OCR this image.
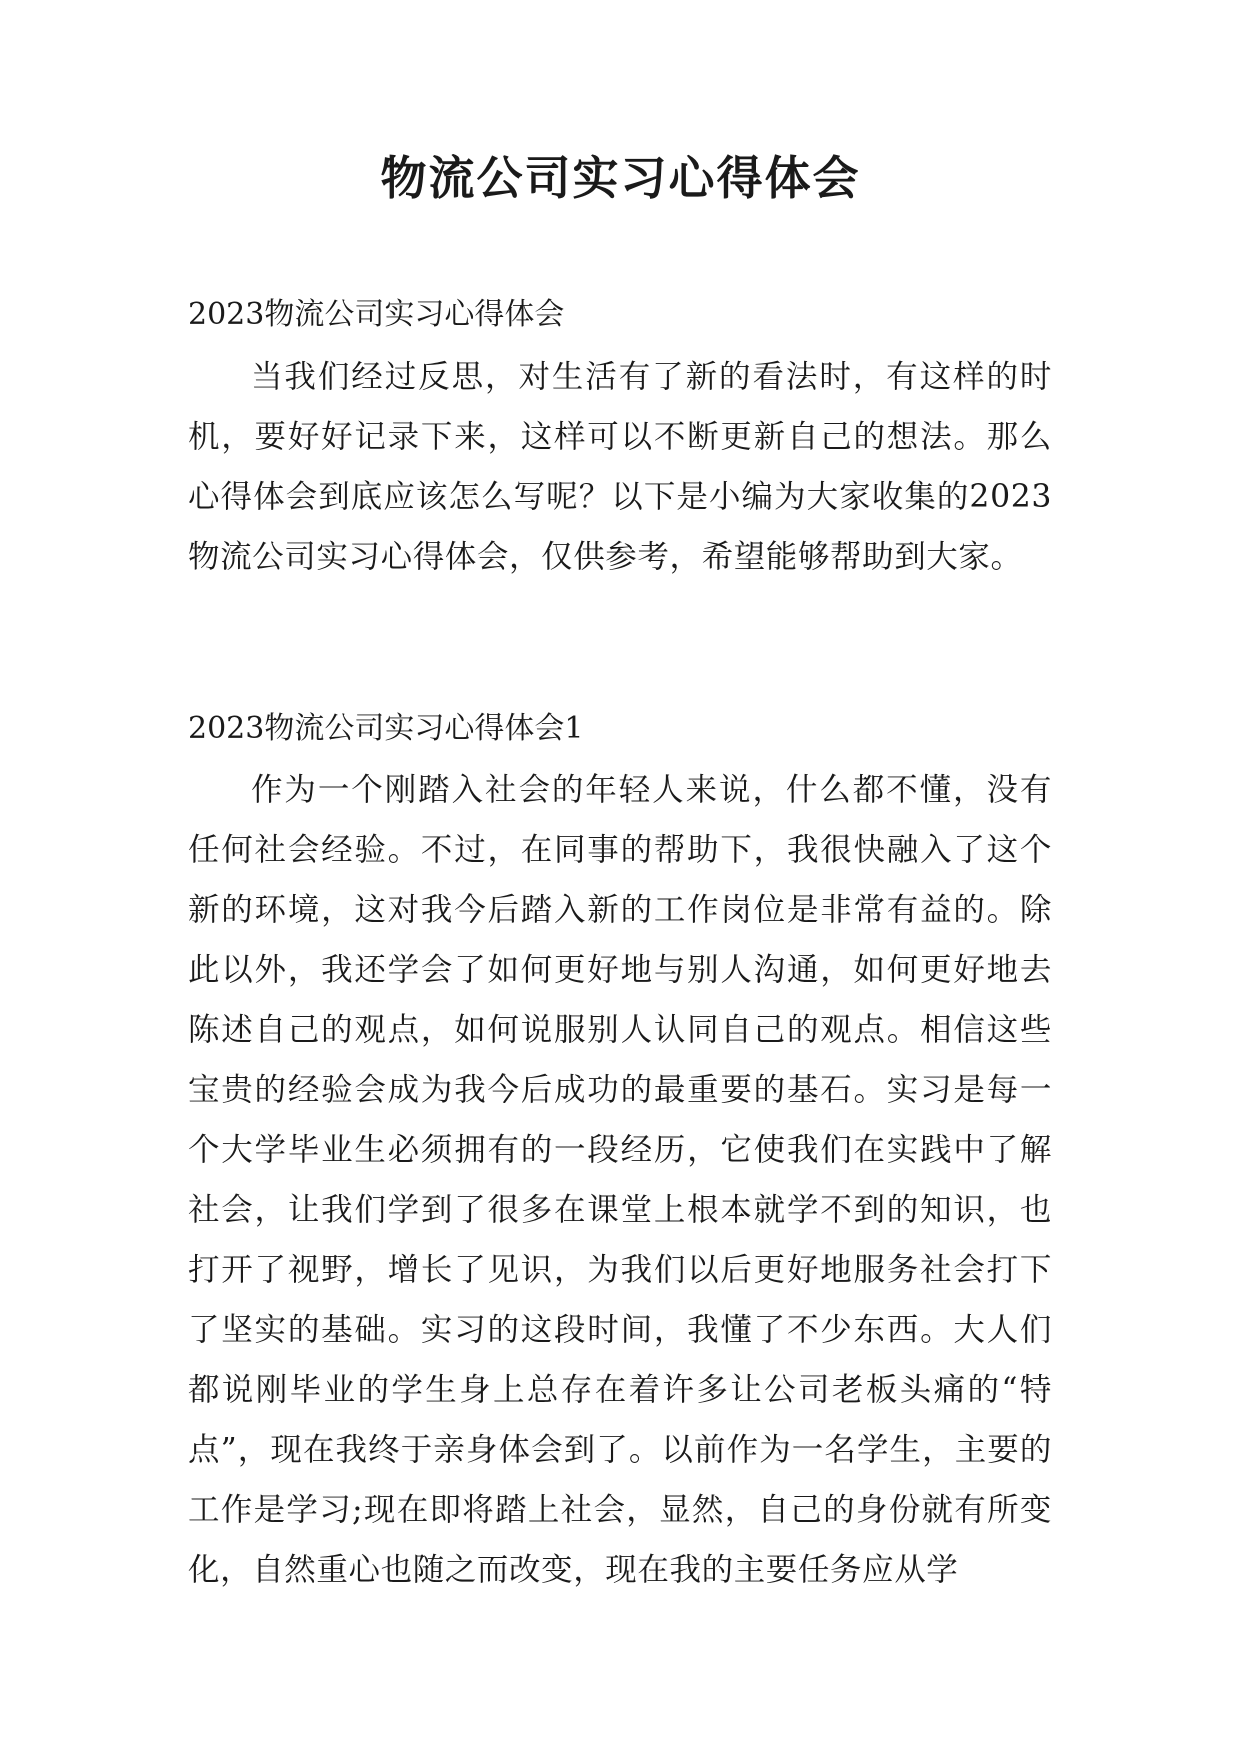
物流公司实习心得体会

2023物流公司实习心得体会

当我们经过反思，对生活有了新的看法时，有这样的时机，要好好记录下来，这样可以不断更新自己的想法。那么心得体会到底应该怎么写呢？以下是小编为大家收集的2023物流公司实习心得体会，仅供参考，希望能够帮助到大家。

2023物流公司实习心得体会1

作为一个刚踏入社会的年轻人来说，什么都不懂，没有任何社会经验。不过，在同事的帮助下，我很快融入了这个新的环境，这对我今后踏入新的工作岗位是非常有益的。除此以外，我还学会了如何更好地与别人沟通，如何更好地去陈述自己的观点，如何说服别人认同自己的观点。相信这些宝贵的经验会成为我今后成功的最重要的基石。实习是每一个大学毕业生必须拥有的一段经历，它使我们在实践中了解社会，让我们学到了很多在课堂上根本就学不到的知识，也打开了视野，增长了见识，为我们以后更好地服务社会打下了坚实的基础。实习的这段时间，我懂了不少东西。大人们都说刚毕业的学生身上总存在着许多让公司老板头痛的“特点”，现在我终于亲身体会到了。以前作为一名学生，主要的工作是学习;现在即将踏上社会，显然，自己的身份就有所变化，自然重心也随之而改变，现在我的主要任务应从学
